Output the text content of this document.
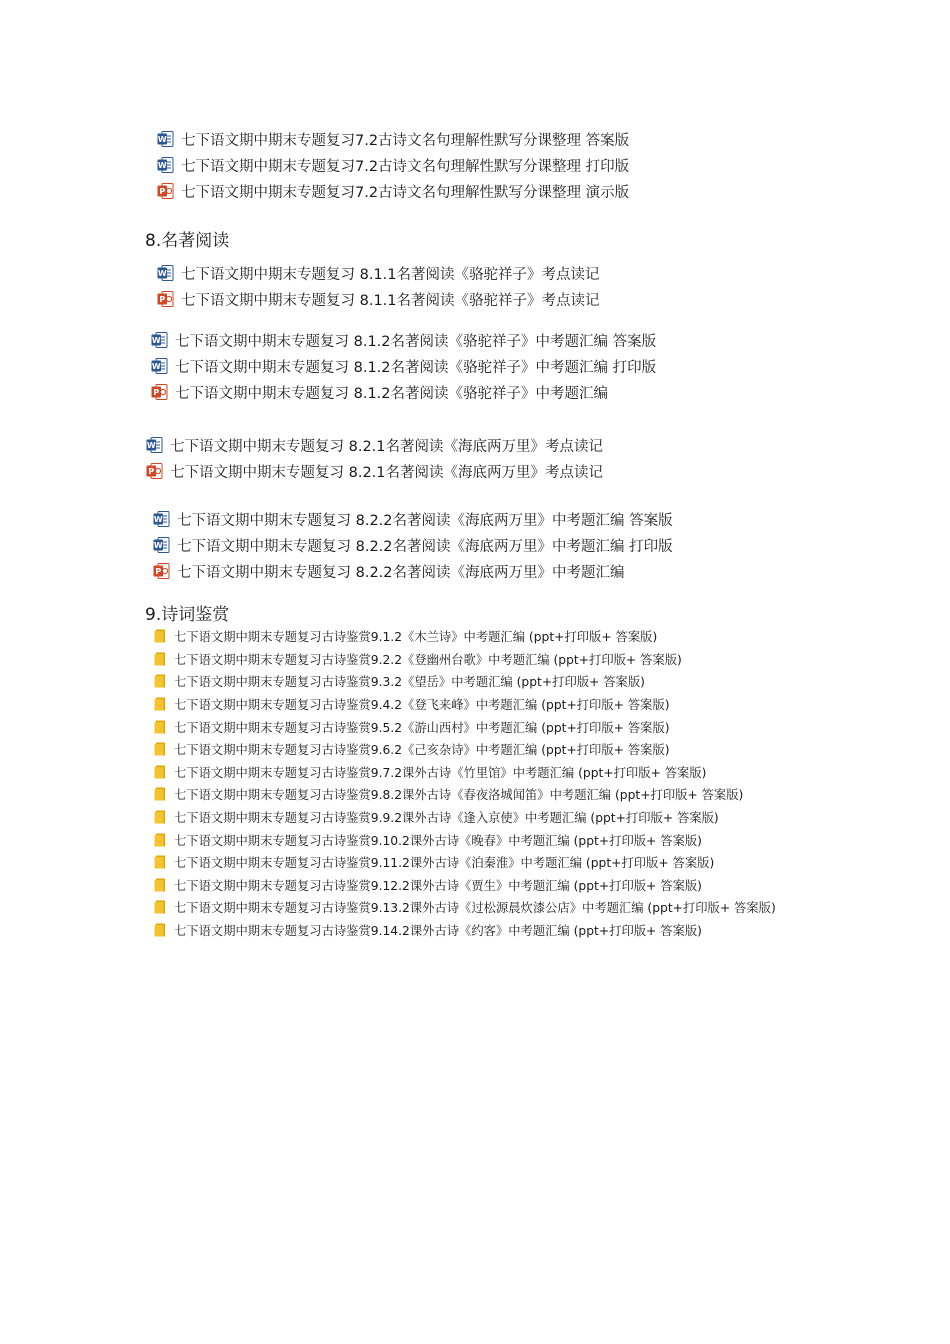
W 七下语文期中期末专题复习7.2古诗文名句理解性默写分课整理 答案版
W 七下语文期中期末专题复习7.2古诗文名句理解性默写分课整理 打印版
P 七下语文期中期末专题复习7.2古诗文名句理解性默写分课整理 演示版
8.名著阅读
W 七下语文期中期末专题复习 8.1.1名著阅读《骆驼祥子》考点读记
P 七下语文期中期末专题复习 8.1.1名著阅读《骆驼祥子》考点读记
W 七下语文期中期末专题复习 8.1.2名著阅读《骆驼祥子》中考题汇编 答案版
W 七下语文期中期末专题复习 8.1.2名著阅读《骆驼祥子》中考题汇编 打印版
P 七下语文期中期末专题复习 8.1.2名著阅读《骆驼祥子》中考题汇编
W 七下语文期中期末专题复习 8.2.1名著阅读《海底两万里》考点读记
P 七下语文期中期末专题复习 8.2.1名著阅读《海底两万里》考点读记
W 七下语文期中期末专题复习 8.2.2名著阅读《海底两万里》中考题汇编 答案版
W 七下语文期中期末专题复习 8.2.2名著阅读《海底两万里》中考题汇编 打印版
P 七下语文期中期末专题复习 8.2.2名著阅读《海底两万里》中考题汇编
9.诗词鉴赏
七下语文期中期末专题复习古诗鉴赏9.1.2《木兰诗》中考题汇编 (ppt+打印版+ 答案版)
七下语文期中期末专题复习古诗鉴赏9.2.2《登幽州台歌》中考题汇编 (ppt+打印版+ 答案版)
七下语文期中期末专题复习古诗鉴赏9.3.2《望岳》中考题汇编 (ppt+打印版+ 答案版)
七下语文期中期末专题复习古诗鉴赏9.4.2《登飞来峰》中考题汇编 (ppt+打印版+ 答案版)
七下语文期中期末专题复习古诗鉴赏9.5.2《游山西村》中考题汇编 (ppt+打印版+ 答案版)
七下语文期中期末专题复习古诗鉴赏9.6.2《己亥杂诗》中考题汇编 (ppt+打印版+ 答案版)
七下语文期中期末专题复习古诗鉴赏9.7.2课外古诗《竹里馆》中考题汇编 (ppt+打印版+ 答案版)
七下语文期中期末专题复习古诗鉴赏9.8.2课外古诗《春夜洛城闻笛》中考题汇编 (ppt+打印版+ 答案版)
七下语文期中期末专题复习古诗鉴赏9.9.2课外古诗《逢入京使》中考题汇编 (ppt+打印版+ 答案版)
七下语文期中期末专题复习古诗鉴赏9.10.2课外古诗《晚春》中考题汇编 (ppt+打印版+ 答案版)
七下语文期中期末专题复习古诗鉴赏9.11.2课外古诗《泊秦淮》中考题汇编 (ppt+打印版+ 答案版)
七下语文期中期末专题复习古诗鉴赏9.12.2课外古诗《贾生》中考题汇编 (ppt+打印版+ 答案版)
七下语文期中期末专题复习古诗鉴赏9.13.2课外古诗《过松源晨炊漆公店》中考题汇编 (ppt+打印版+ 答案版)
七下语文期中期末专题复习古诗鉴赏9.14.2课外古诗《约客》中考题汇编 (ppt+打印版+ 答案版)
